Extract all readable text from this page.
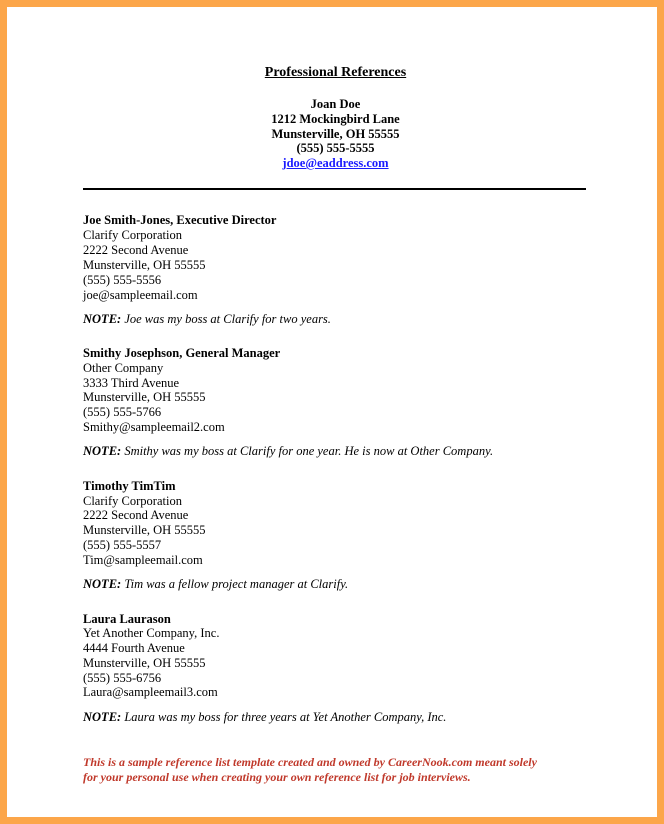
Professional References
Joan Doe
1212 Mockingbird Lane
Munsterville, OH 55555
(555) 555-5555
jdoe@eaddress.com
Joe Smith-Jones, Executive Director
Clarify Corporation
2222 Second Avenue
Munsterville, OH 55555
(555) 555-5556
joe@sampleemail.com
NOTE: Joe was my boss at Clarify for two years.
Smithy Josephson, General Manager
Other Company
3333 Third Avenue
Munsterville, OH 55555
(555) 555-5766
Smithy@sampleemail2.com
NOTE: Smithy was my boss at Clarify for one year. He is now at Other Company.
Timothy TimTim
Clarify Corporation
2222 Second Avenue
Munsterville, OH 55555
(555) 555-5557
Tim@sampleemail.com
NOTE: Tim was a fellow project manager at Clarify.
Laura Laurason
Yet Another Company, Inc.
4444 Fourth Avenue
Munsterville, OH 55555
(555) 555-6756
Laura@sampleemail3.com
NOTE: Laura was my boss for three years at Yet Another Company, Inc.
This is a sample reference list template created and owned by CareerNook.com meant solely
for your personal use when creating your own reference list for job interviews.
